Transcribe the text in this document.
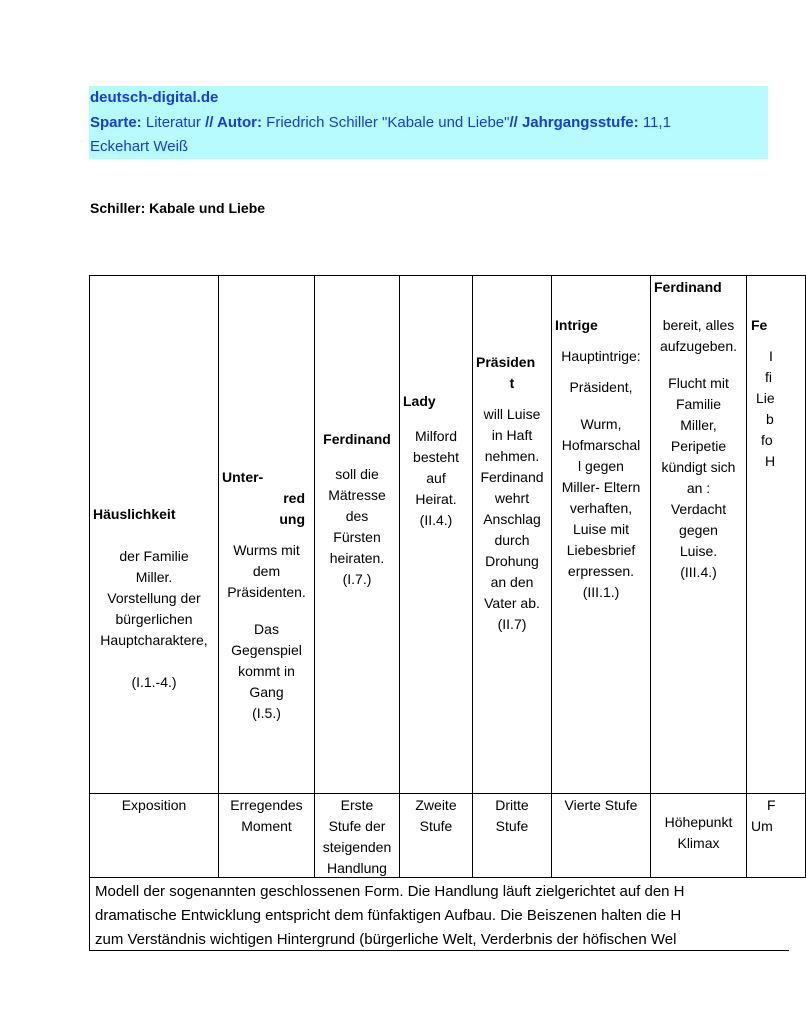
deutsch-digital.de
Sparte: Literatur // Autor: Friedrich Schiller "Kabale und Liebe"// Jahrgangsstufe: 11,1
Eckehart Weiß
Schiller: Kabale und Liebe
Häuslichkeit
der Familie
Miller.
Vorstellung der
bürgerlichen
Hauptcharaktere,
(I.1.-4.)
Unter-
red
ung
Wurms mit
dem
Präsidenten.
Das
Gegenspiel
kommt in
Gang
(I.5.)
Ferdinand
soll die
Mätresse
des
Fürsten
heiraten.
(I.7.)
Lady
Milford
besteht
auf
Heirat.
(II.4.)
Präsiden
t
will Luise
in Haft
nehmen.
Ferdinand
wehrt
Anschlag
durch
Drohung
an den
Vater ab.
(II.7)
Intrige
Hauptintrige:
Präsident,
Wurm,
Hofmarschal
l gegen
Miller- Eltern
verhaften,
Luise mit
Liebesbrief
erpressen.
(III.1.)
Ferdinand
bereit, alles
aufzugeben.
Flucht mit
Familie
Miller,
Peripetie
kündigt sich
an :
Verdacht
gegen
Luise.
(III.4.)
Fe
I
fi
Lie
b
fo
H
Exposition	Erregendes
Moment
Erste
Stufe der
steigenden
Handlung
Zweite
Stufe
Dritte
Stufe
Vierte Stufe
Höhepunkt
Klimax
F
Um
Modell der sogenannten geschlossenen Form. Die Handlung läuft zielgerichtet auf den H
dramatische Entwicklung entspricht dem fünfaktigen Aufbau. Die Beiszenen halten die H
zum Verständnis wichtigen Hintergrund (bürgerliche Welt, Verderbnis der höfischen Wel
